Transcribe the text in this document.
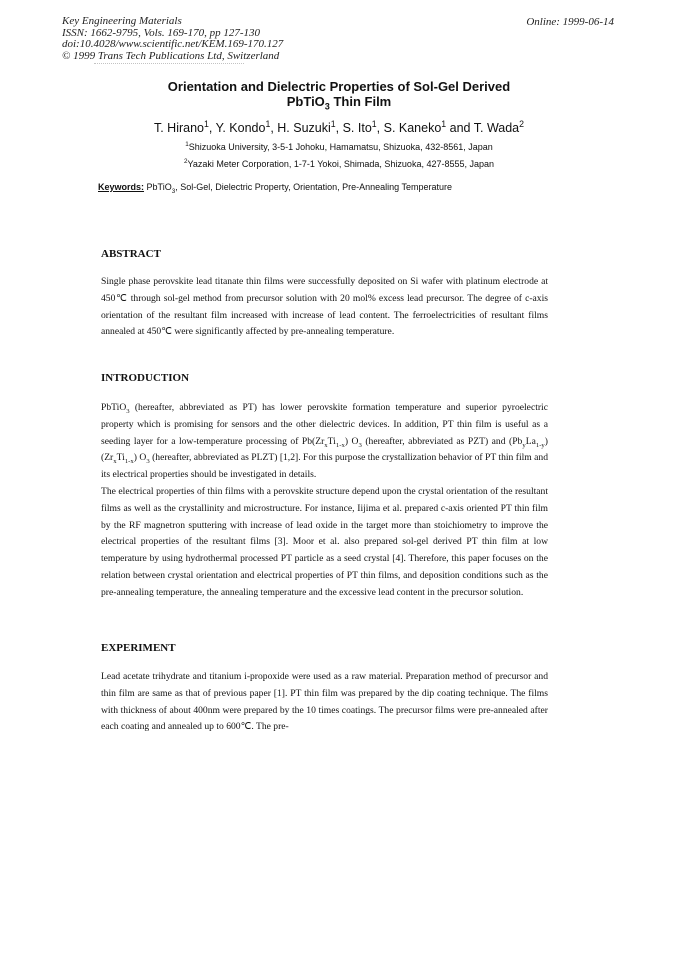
Key Engineering Materials
ISSN: 1662-9795, Vols. 169-170, pp 127-130
doi:10.4028/www.scientific.net/KEM.169-170.127
© 1999 Trans Tech Publications Ltd, Switzerland
Online: 1999-06-14
Orientation and Dielectric Properties of Sol-Gel Derived
PbTiO$_3$ Thin Film
T. Hirano$^1$, Y. Kondo$^1$, H. Suzuki$^1$, S. Ito$^1$, S. Kaneko$^1$ and T. Wada$^2$
$^1$Shizuoka University, 3-5-1 Johoku, Hamamatsu, Shizuoka, 432-8561, Japan
$^2$Yazaki Meter Corporation, 1-7-1 Yokoi, Shimada, Shizuoka, 427-8555, Japan
Keywords: PbTiO$_3$, Sol-Gel, Dielectric Property, Orientation, Pre-Annealing Temperature
ABSTRACT

Single phase perovskite lead titanate thin films were successfully deposited on Si wafer with platinum electrode at 450℃ through sol-gel method from precursor solution with 20 mol% excess lead precursor. The degree of c-axis orientation of the resultant film increased with increase of lead content. The ferroelectricities of resultant films annealed at 450℃ were significantly affected by pre-annealing temperature.

INTRODUCTION

PbTiO$_3$ (hereafter, abbreviated as PT) has lower perovskite formation temperature and superior pyroelectric property which is promising for sensors and the other dielectric devices. In addition, PT thin film is useful as a seeding layer for a low-temperature processing of $Pb(Zr_xTi_{1-x})$ $O_3$ (hereafter, abbreviated as PZT) and $(Pb_yLa_{1-y})$ $(Zr_xTi_{1-x})$ $O_3$ (hereafter, abbreviated as PLZT) [1,2]. For this purpose the crystallization behavior of PT thin film and its electrical properties should be investigated in details.

The electrical properties of thin films with a perovskite structure depend upon the crystal orientation of the resultant films as well as the crystallinity and microstructure. For instance, Iijima et al. prepared c-axis oriented PT thin film by the RF magnetron sputtering with increase of lead oxide in the target more than stoichiometry to improve the electrical properties of the resultant films [3]. Moor et al. also prepared sol-gel derived PT thin film at low temperature by using hydrothermal processed PT particle as a seed crystal [4]. Therefore, this paper focuses on the relation between crystal orientation and electrical properties of PT thin films, and deposition conditions such as the pre-annealing temperature, the annealing temperature and the excessive lead content in the precursor solution.

EXPERIMENT

Lead acetate trihydrate and titanium i-propoxide were used as a raw material. Preparation method of precursor and thin film are same as that of previous paper [1]. PT thin film was prepared by the dip coating technique. The films with thickness of about 400nm were prepared by the 10 times coatings. The precursor films were pre-annealed after each coating and annealed up to 600℃. The pre-
